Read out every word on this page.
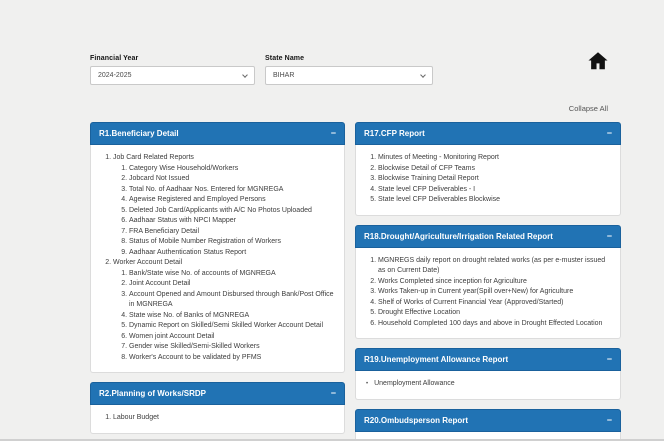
Financial Year
2024-2025
State Name
BIHAR
Collapse All
R1.Beneficiary Detail	−
1. Job Card Related Reports
1. Category Wise Household/Workers
2. Jobcard Not Issued
3. Total No. of Aadhaar Nos. Entered for MGNREGA
4. Agewise Registered and Employed Persons
5. Deleted Job Card/Applicants with A/C No Photos Uploaded
6. Aadhaar Status with NPCI Mapper
7. FRA Beneficiary Detail
8. Status of Mobile Number Registration of Workers
9. Aadhaar Authentication Status Report
2. Worker Account Detail
1. Bank/State wise No. of accounts of MGNREGA
2. Joint Account Detail
3. Account Opened and Amount Disbursed through Bank/Post Office in MGNREGA
4. State wise No. of Banks of MGNREGA
5. Dynamic Report on Skilled/Semi Skilled Worker Account Detail
6. Women joint Account Detail
7. Gender wise Skilled/Semi-Skilled Workers
8. Worker's Account to be validated by PFMS
R2.Planning of Works/SRDP	−
1. Labour Budget
R17.CFP Report	−
1. Minutes of Meeting - Monitoring Report
2. Blockwise Detail of CFP Teams
3. Blockwise Training Detail Report
4. State level CFP Deliverables - I
5. State level CFP Deliverables Blockwise
R18.Drought/Agriculture/Irrigation Related Report	−
1. MGNREGS daily report on drought related works (as per e-muster issued as on Current Date)
2. Works Completed since inception for Agriculture
3. Works Taken-up in Current year(Spill over+New) for Agriculture
4. Shelf of Works of Current Financial Year (Approved/Started)
5. Drought Effective Location
6. Household Completed 100 days and above in Drought Effected Location
R19.Unemployment Allowance Report	−
• Unemployment Allowance
R20.Ombudsperson Report	−
1.
